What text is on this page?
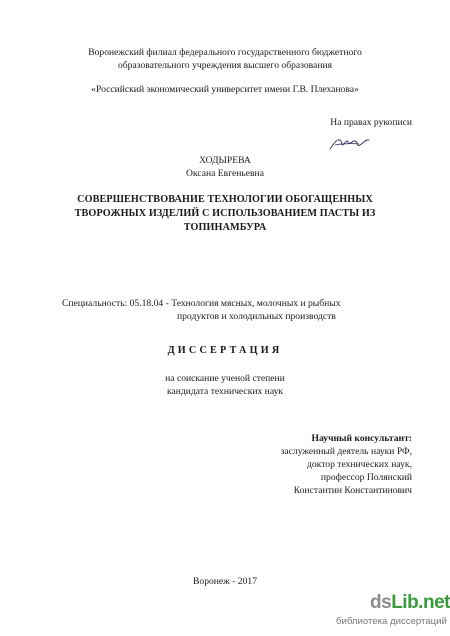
Воронежский филиал федерального государственного бюджетного
образовательного учреждения высшего образования
«Российский экономический университет имени Г.В. Плеханова»
На правах рукописи
ХОДЫРЕВА
Оксана Евгеньевна
СОВЕРШЕНСТВОВАНИЕ ТЕХНОЛОГИИ ОБОГАЩЕННЫХ
ТВОРОЖНЫХ ИЗДЕЛИЙ С ИСПОЛЬЗОВАНИЕМ ПАСТЫ ИЗ
ТОПИНАМБУРА
Специальность: 05.18.04 - Технология мясных, молочных и рыбных
продуктов и холодильных производств
ДИССЕРТАЦИЯ
на соискание ученой степени
кандидата технических наук
Научный консультант:
заслуженный деятель науки РФ,
доктор технических наук,
профессор Полянский
Константин Константинович
Воронеж - 2017
dsLib.net
библиотека диссертаций
